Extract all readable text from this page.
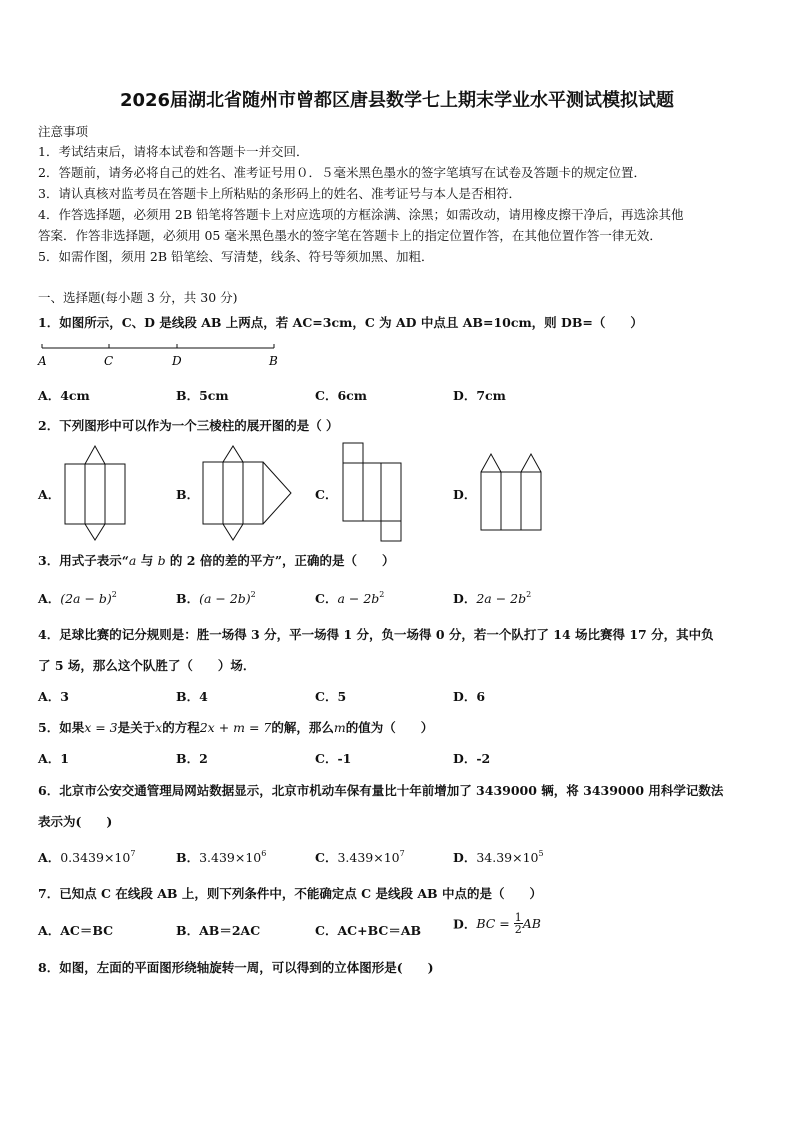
2026届湖北省随州市曾都区唐县数学七上期末学业水平测试模拟试题
注意事项
1．考试结束后，请将本试卷和答题卡一并交回．
2．答题前，请务必将自己的姓名、准考证号用０．５毫米黑色墨水的签字笔填写在试卷及答题卡的规定位置．
3．请认真核对监考员在答题卡上所粘贴的条形码上的姓名、准考证号与本人是否相符．
4．作答选择题，必须用 2B 铅笔将答题卡上对应选项的方框涂满、涂黑；如需改动，请用橡皮擦干净后，再选涂其他
答案．作答非选择题，必须用 05 毫米黑色墨水的签字笔在答题卡上的指定位置作答，在其他位置作答一律无效．
5．如需作图，须用 2B 铅笔绘、写清楚，线条、符号等须加黑、加粗．
一、选择题(每小题 3 分，共 30 分)
1．如图所示，C、D 是线段 AB 上两点，若 AC=3cm，C 为 AD 中点且 AB=10cm，则 DB=（　　）
A	C	D	B
A．4cm	B．5cm	C．6cm	D．7cm
2．下列图形中可以作为一个三棱柱的展开图的是（ ）
A．	B．	C．	D．
3．用式子表示“a 与 b 的 2 倍的差的平方”，正确的是（　　）
A．$(2a - b)^2$	B．$(a - 2b)^2$	C．$a - 2b^2$	D．$2a - 2b^2$
4．足球比赛的记分规则是：胜一场得 3 分，平一场得 1 分，负一场得 0 分，若一个队打了 14 场比赛得 17 分，其中负
了 5 场，那么这个队胜了（　　）场．
A．3	B．4	C．5	D．6
5．如果x = 3是关于x的方程2x + m = 7的解，那么m的值为（　　）
A．1	B．2	C．-1	D．-2
6．北京市公安交通管理局网站数据显示，北京市机动车保有量比十年前增加了 3439000 辆，将 3439000 用科学记数法
表示为(　　)
A．$0.3439\times 10^7$	B．$3.439\times 10^6$	C．$3.439\times 10^7$	D．$34.39\times 10^5$
7．已知点 C 在线段 AB 上，则下列条件中，不能确定点 C 是线段 AB 中点的是（　　）
A．AC＝BC	B．AB＝2AC	C．AC+BC＝AB	D．BC = $\frac{1}{2}$ AB
8．如图，左面的平面图形绕轴旋转一周，可以得到的立体图形是(　　)
